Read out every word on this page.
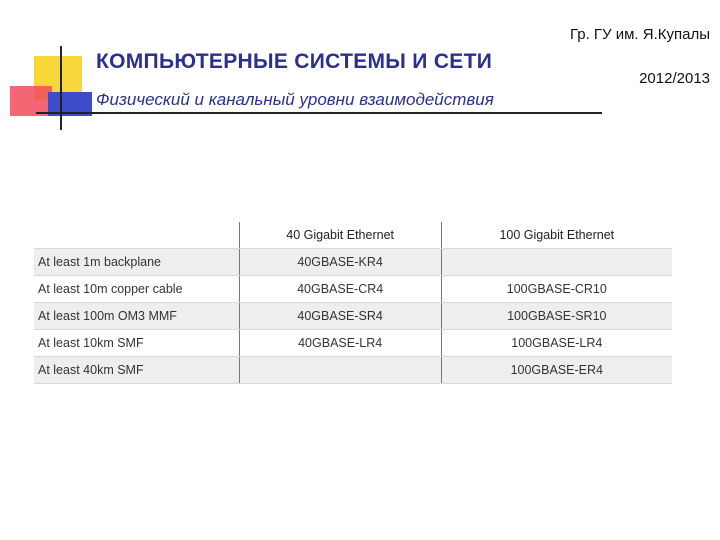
Гр. ГУ им. Я.Купалы
2012/2013
КОМПЬЮТЕРНЫЕ СИСТЕМЫ И СЕТИ
Физический и канальный уровни взаимодействия
	40 Gigabit Ethernet	100 Gigabit Ethernet
At least 1m backplane	40GBASE-KR4	
At least 10m copper cable	40GBASE-CR4	100GBASE-CR10
At least 100m OM3 MMF	40GBASE-SR4	100GBASE-SR10
At least 10km SMF	40GBASE-LR4	100GBASE-LR4
At least 40km SMF		100GBASE-ER4
